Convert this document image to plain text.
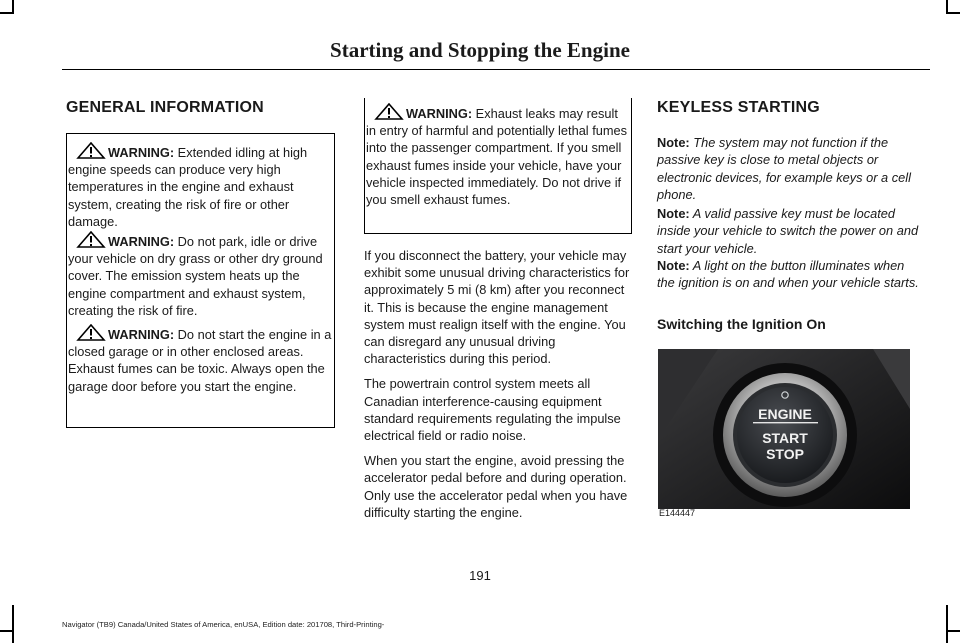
Starting and Stopping the Engine
GENERAL INFORMATION
WARNING: Extended idling at high engine speeds can produce very high temperatures in the engine and exhaust system, creating the risk of fire or other damage.
WARNING: Do not park, idle or drive your vehicle on dry grass or other dry ground cover. The emission system heats up the engine compartment and exhaust system, creating the risk of fire.
WARNING: Do not start the engine in a closed garage or in other enclosed areas. Exhaust fumes can be toxic. Always open the garage door before you start the engine.
WARNING: Exhaust leaks may result in entry of harmful and potentially lethal fumes into the passenger compartment. If you smell exhaust fumes inside your vehicle, have your vehicle inspected immediately. Do not drive if you smell exhaust fumes.

If you disconnect the battery, your vehicle may exhibit some unusual driving characteristics for approximately 5 mi (8 km) after you reconnect it. This is because the engine management system must realign itself with the engine. You can disregard any unusual driving characteristics during this period.

The powertrain control system meets all Canadian interference-causing equipment standard requirements regulating the impulse electrical field or radio noise.

When you start the engine, avoid pressing the accelerator pedal before and during operation. Only use the accelerator pedal when you have difficulty starting the engine.

KEYLESS STARTING
Note: The system may not function if the passive key is close to metal objects or electronic devices, for example keys or a cell phone.
Note: A valid passive key must be located inside your vehicle to switch the power on and start your vehicle.
Note: A light on the button illuminates when the ignition is on and when your vehicle starts.
Switching the Ignition On
ENGINE
START
STOP
E144447
191
Navigator (TB9) Canada/United States of America, enUSA, Edition date: 201708, Third-Printing-
